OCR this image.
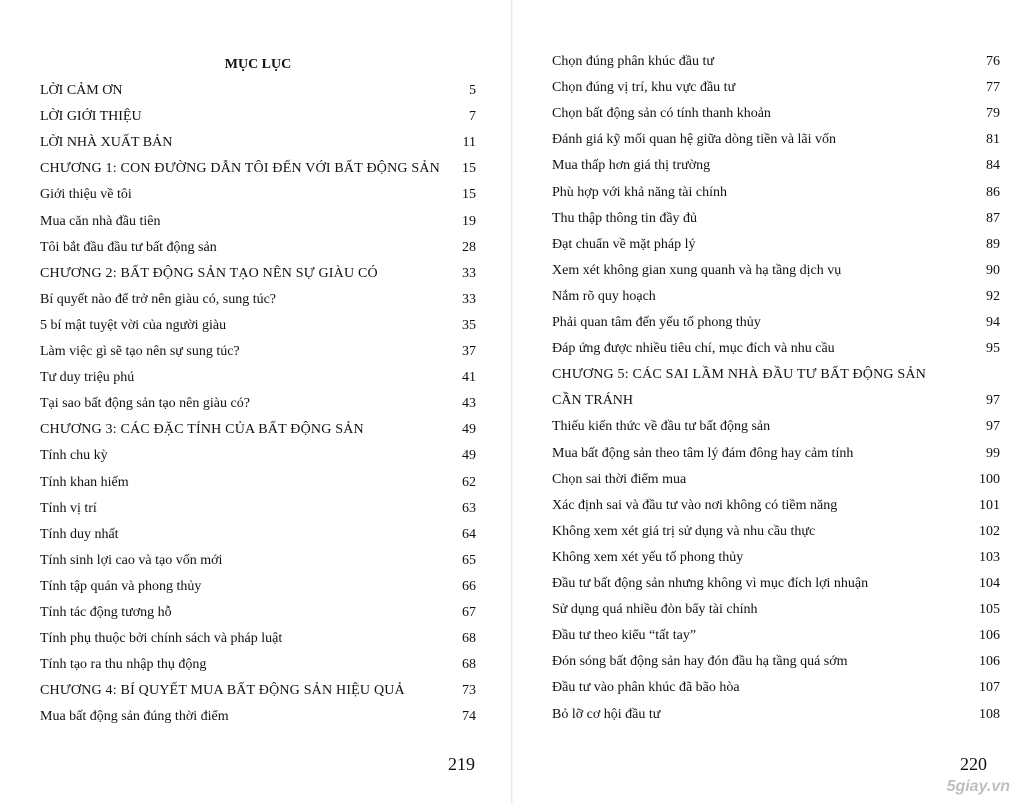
MỤC LỤC
LỜI CẢM ƠN	5
LỜI GIỚI THIỆU	7
LỜI NHÀ XUẤT BẢN	11
CHƯƠNG 1: CON ĐƯỜNG DẪN TÔI ĐẾN VỚI BẤT ĐỘNG SẢN 15
Giới thiệu về tôi	15
Mua căn nhà đầu tiên	19
Tôi bắt đầu đầu tư bất động sản	28
CHƯƠNG 2: BẤT ĐỘNG SẢN TẠO NÊN SỰ GIÀU CÓ	33
Bí quyết nào để trở nên giàu có, sung túc?	33
5 bí mật tuyệt vời của người giàu	35
Làm việc gì sẽ tạo nên sự sung túc?	37
Tư duy triệu phú	41
Tại sao bất động sản tạo nên giàu có?	43
CHƯƠNG 3: CÁC ĐẶC TÍNH CỦA BẤT ĐỘNG SẢN	49
Tính chu kỳ	49
Tính khan hiếm	62
Tính vị trí	63
Tính duy nhất	64
Tính sinh lợi cao và tạo vốn mới	65
Tính tập quán và phong thủy	66
Tính tác động tương hỗ	67
Tính phụ thuộc bởi chính sách và pháp luật	68
Tính tạo ra thu nhập thụ động	68
CHƯƠNG 4: BÍ QUYẾT MUA BẤT ĐỘNG SẢN HIỆU QUẢ	73
Mua bất động sản đúng thời điểm	74
219
Chọn đúng phân khúc đầu tư	76
Chọn đúng vị trí, khu vực đầu tư	77
Chọn bất động sản có tính thanh khoản	79
Đánh giá kỹ mối quan hệ giữa dòng tiền và lãi vốn	81
Mua thấp hơn giá thị trường	84
Phù hợp với khả năng tài chính	86
Thu thập thông tin đầy đủ	87
Đạt chuẩn về mặt pháp lý	89
Xem xét không gian xung quanh và hạ tầng dịch vụ	90
Nắm rõ quy hoạch	92
Phải quan tâm đến yếu tố phong thủy	94
Đáp ứng được nhiều tiêu chí, mục đích và nhu cầu	95
CHƯƠNG 5: CÁC SAI LẦM NHÀ ĐẦU TƯ BẤT ĐỘNG SẢN
CẦN TRÁNH	97
Thiếu kiến thức về đầu tư bất động sản	97
Mua bất động sản theo tâm lý đám đông hay cảm tính	99
Chọn sai thời điểm mua	100
Xác định sai và đầu tư vào nơi không có tiềm năng	101
Không xem xét giá trị sử dụng và nhu cầu thực	102
Không xem xét yếu tố phong thủy	103
Đầu tư bất động sản nhưng không vì mục đích lợi nhuận	104
Sử dụng quá nhiều đòn bẩy tài chính	105
Đầu tư theo kiểu “tất tay”	106
Đón sóng bất động sản hay đón đầu hạ tầng quá sớm	106
Đầu tư vào phân khúc đã bão hòa	107
Bỏ lỡ cơ hội đầu tư	108
220
5giay.vn
